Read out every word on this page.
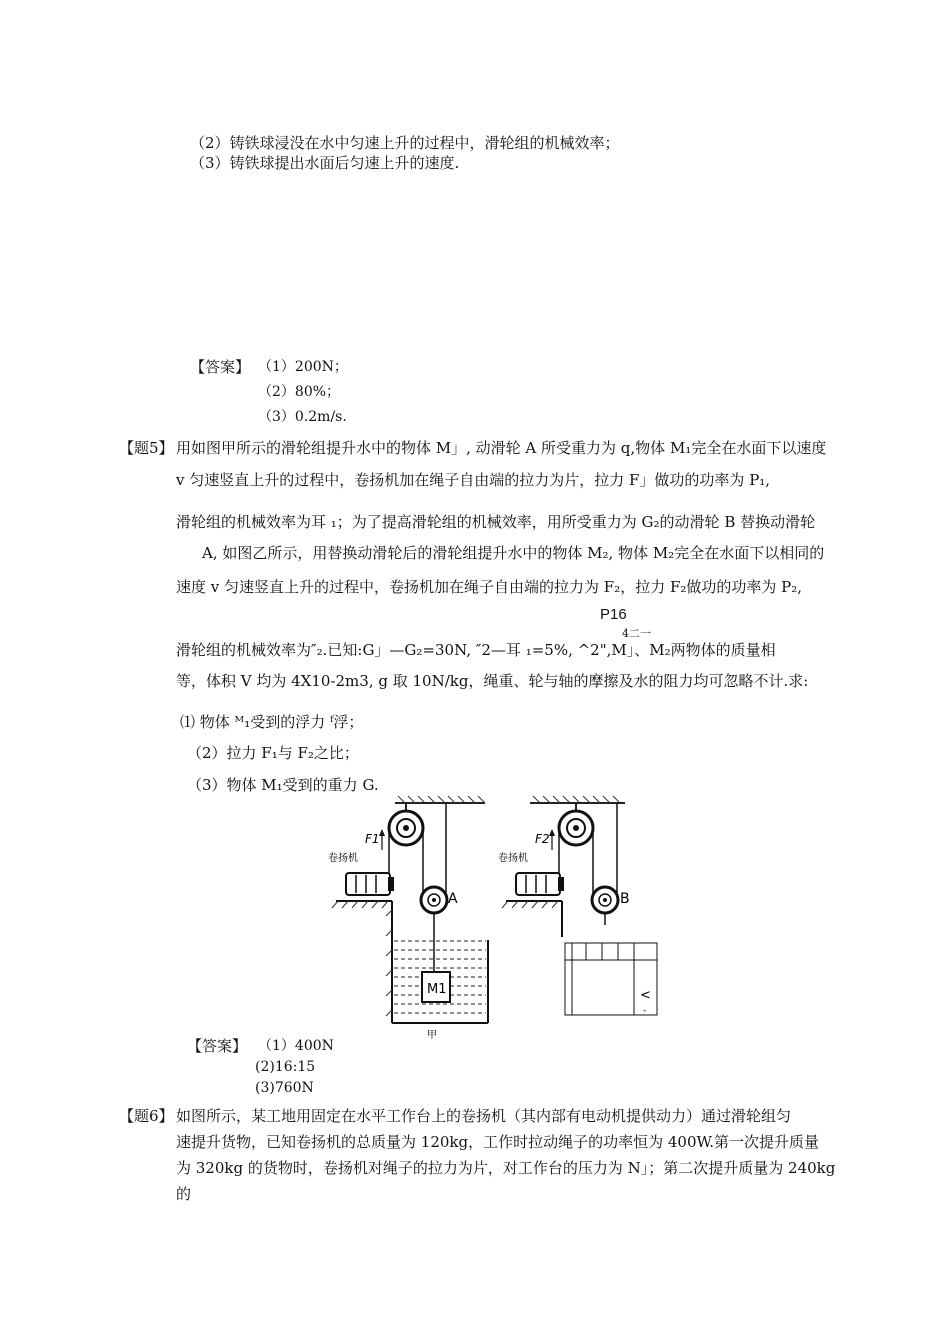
（2）铸铁球浸没在水中匀速上升的过程中，滑轮组的机械效率；
（3）铸铁球提出水面后匀速上升的速度.
【答案】 （1）200N；
（2）80%；
（3）0.2m/s.
【题5】 用如图甲所示的滑轮组提升水中的物体 M」, 动滑轮 A 所受重力为 q,物体 M₁完全在水面下以速度
v 匀速竖直上升的过程中，卷扬机加在绳子自由端的拉力为片，拉力 F」做功的功率为 P₁,
滑轮组的机械效率为耳 ₁；为了提高滑轮组的机械效率，用所受重力为 G₂的动滑轮 B 替换动滑轮
A, 如图乙所示，用替换动滑轮后的滑轮组提升水中的物体 M₂, 物体 M₂完全在水面下以相同的
速度 v 匀速竖直上升的过程中，卷扬机加在绳子自由端的拉力为 F₂，拉力 F₂做功的功率为 P₂,
P16
4二一
滑轮组的机械效率为″₂.已知:G」—G₂=30N, ″2—耳 ₁=5%, ^2",M」、M₂两物体的质量相
等，体积 V 均为 4X10-2m3, g 取 10N/kg，绳重、轮与轴的摩擦及水的阻力均可忽略不计.求:
⑴ 物体 ᴹ₁受到的浮力 ᶠ浮；
（2）拉力 F₁与 F₂之比；
（3）物体 M₁受到的重力 G.
A
F1
卷扬机
M1
甲
B
F2
卷扬机
<
-
【答案】 （1）400N
(2)16:15
(3)760N
【题6】 如图所示，某工地用固定在水平工作台上的卷扬机（其内部有电动机提供动力）通过滑轮组匀
速提升货物，已知卷扬机的总质量为 120kg，工作时拉动绳子的功率恒为 400W.第一次提升质量
为 320kg 的货物时，卷扬机对绳子的拉力为片，对工作台的压力为 N」；第二次提升质量为 240kg
的
